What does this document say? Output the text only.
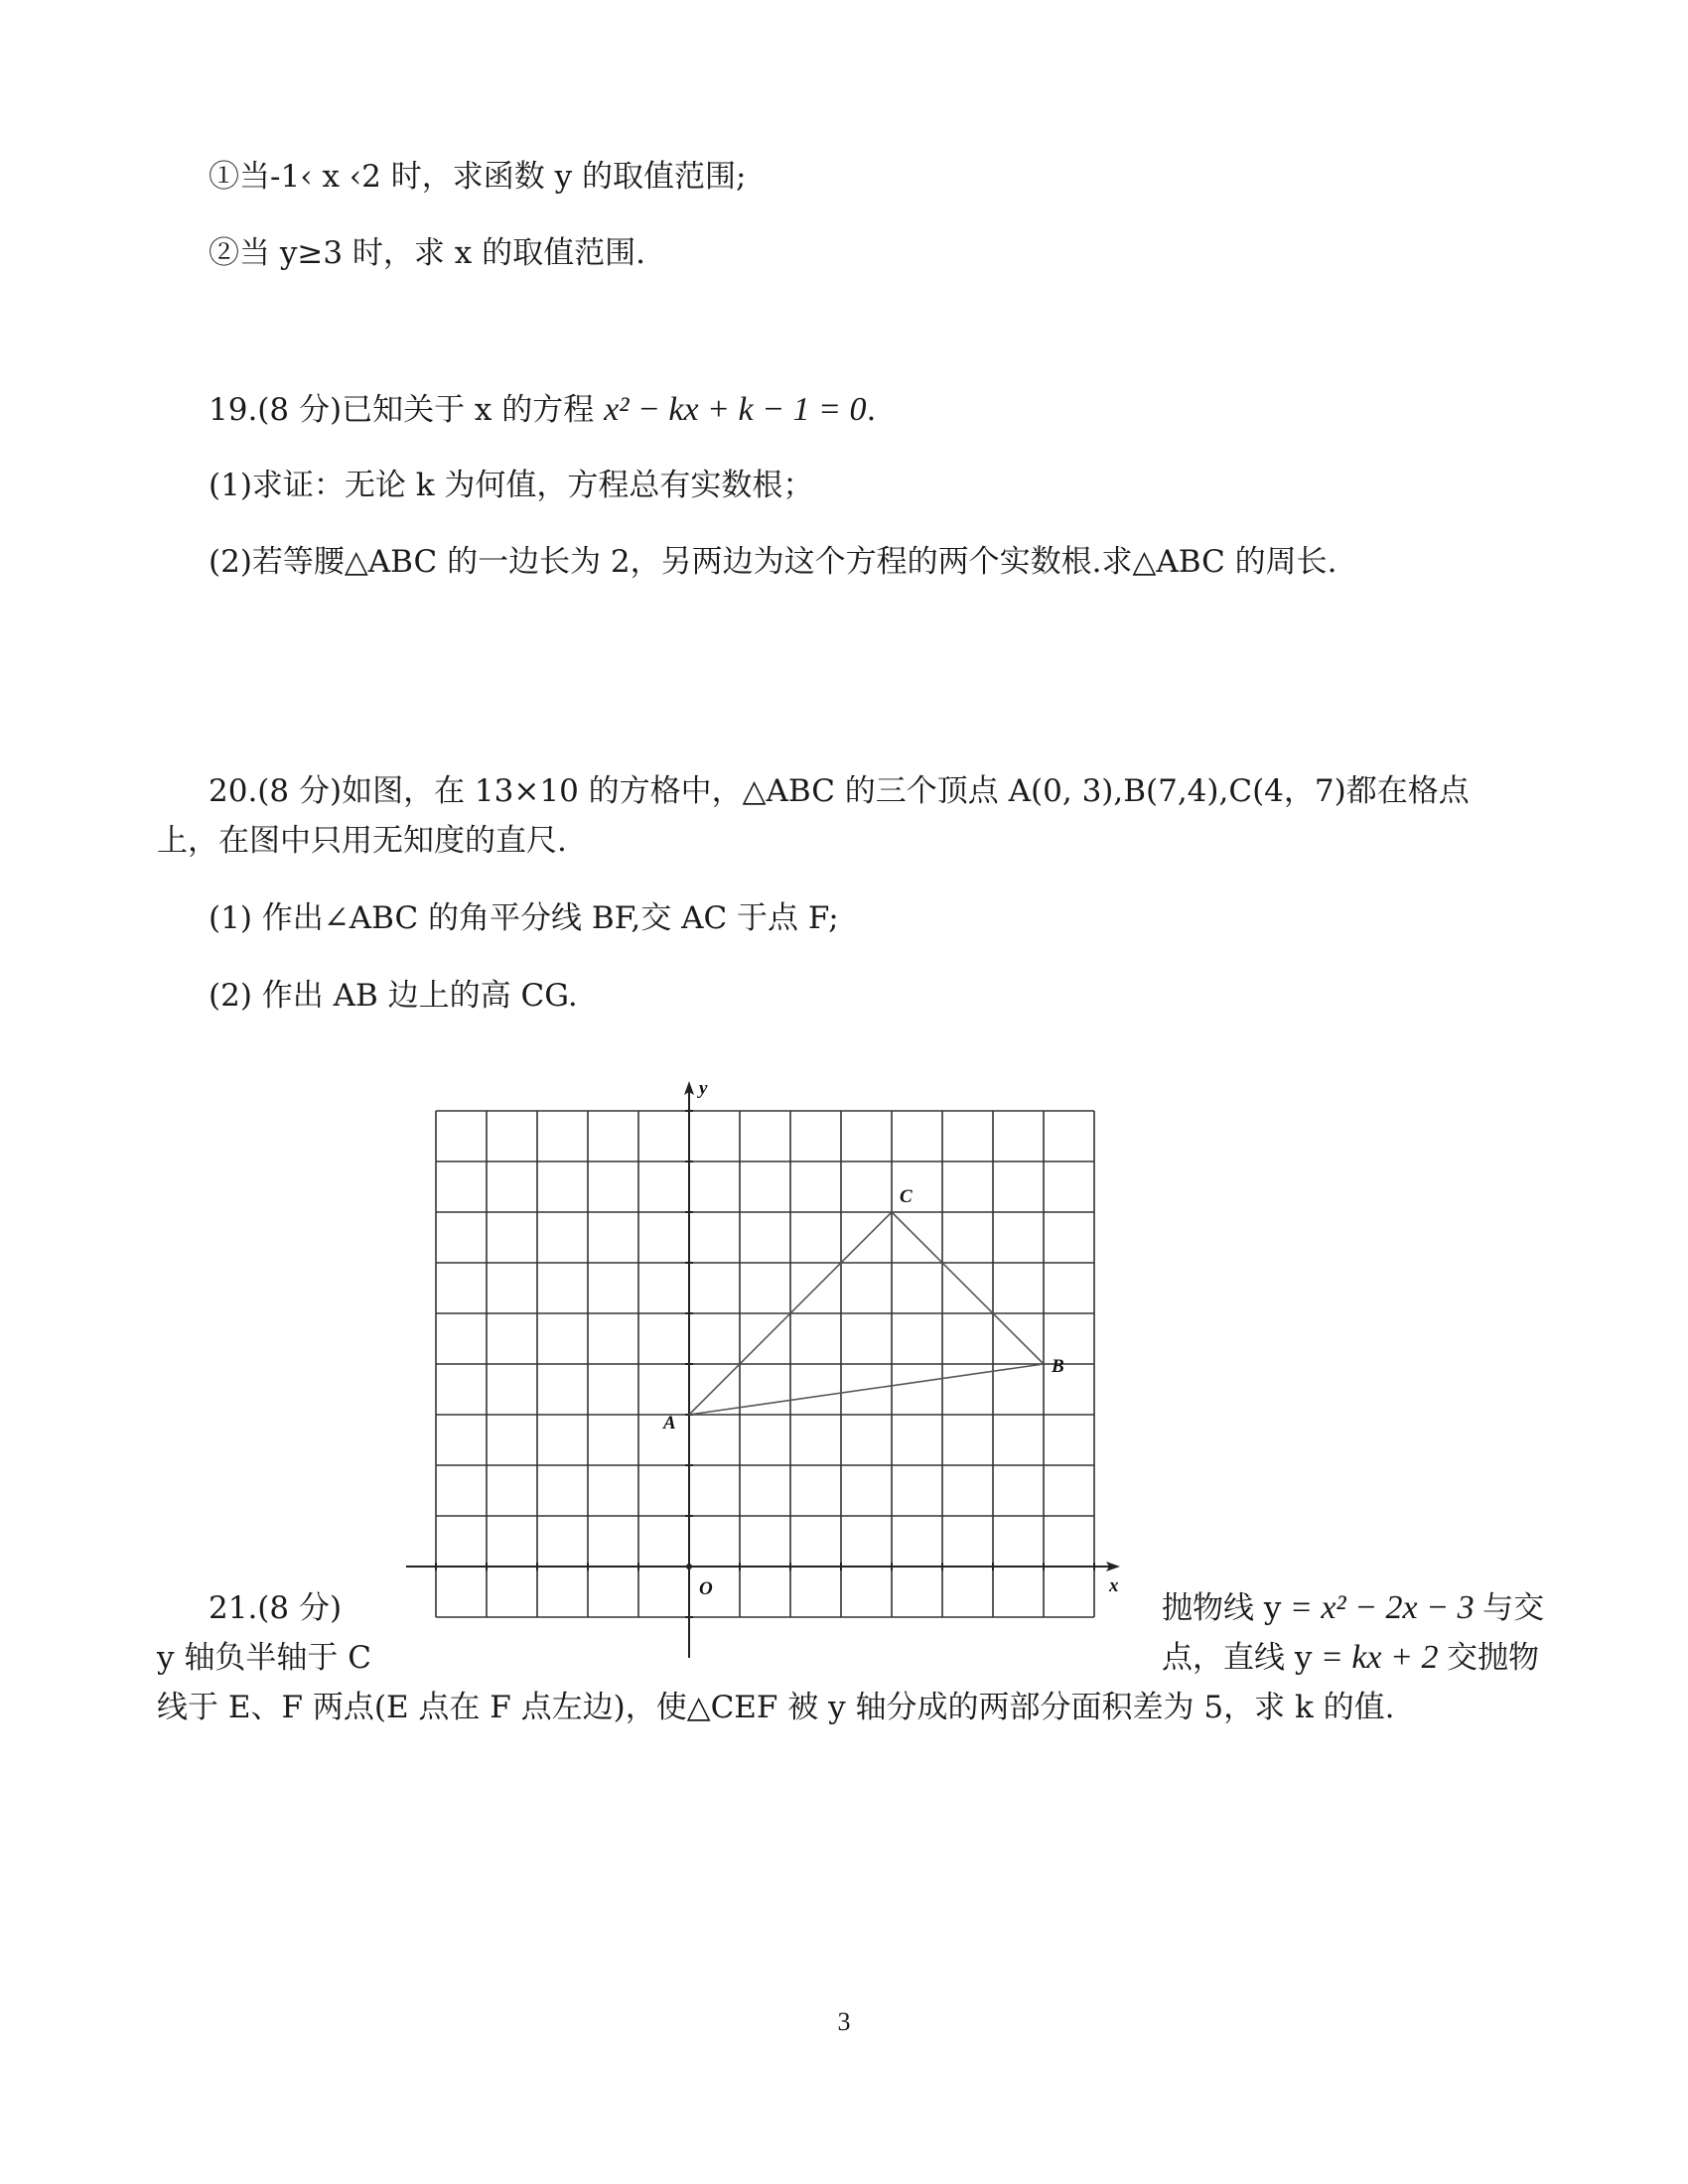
①当-1‹ x ‹2 时，求函数 y 的取值范围;
②当 y≥3 时，求 x 的取值范围.
19.(8 分)已知关于 x 的方程 x² − kx + k − 1 = 0.
(1)求证：无论 k 为何值，方程总有实数根；
(2)若等腰△ABC 的一边长为 2，另两边为这个方程的两个实数根.求△ABC 的周长.
20.(8 分)如图，在 13×10 的方格中，△ABC 的三个顶点 A(0, 3),B(7,4),C(4，7)都在格点
上，在图中只用无知度的直尺.
(1) 作出∠ABC 的角平分线 BF,交 AC 于点 F;
(2) 作出 AB 边上的高 CG.
A
B
C
O	x
y
21.(8 分)	抛物线 y = x² − 2x − 3 与交
y 轴负半轴于 C	点，直线 y = kx + 2 交抛物
线于 E、F 两点(E 点在 F 点左边)，使△CEF 被 y 轴分成的两部分面积差为 5，求 k 的值.
3
